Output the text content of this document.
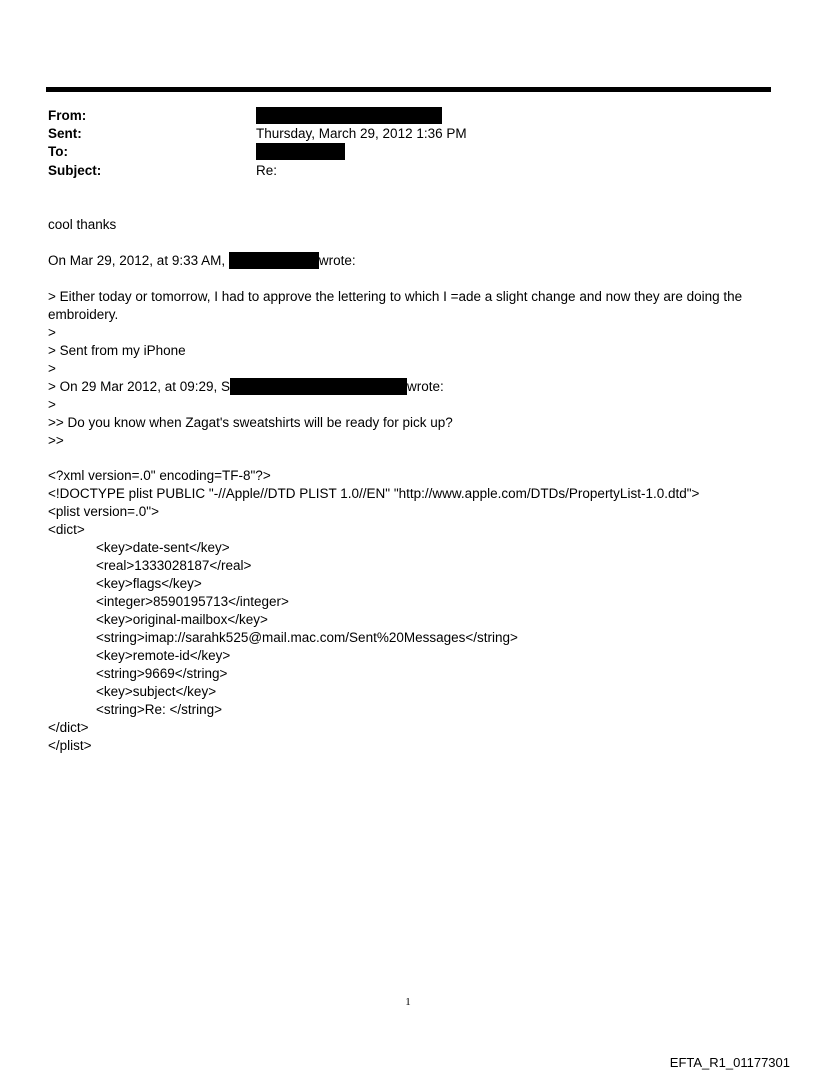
From:
Sent:	Thursday, March 29, 2012 1:36 PM
To:
Subject:	Re:
cool thanks
On Mar 29, 2012, at 9:33 AM,	wrote:
> Either today or tomorrow, I had to approve the lettering to which I =ade a slight change and now they are doing the
embroidery.
>
> Sent from my iPhone
>
> On 29 Mar 2012, at 09:29, S	wrote:
>
>> Do you know when Zagat's sweatshirts will be ready for pick up?
>>
<?xml version=.0" encoding=TF-8"?>
<!DOCTYPE plist PUBLIC "-//Apple//DTD PLIST 1.0//EN" "http://www.apple.com/DTDs/PropertyList-1.0.dtd">
<plist version=.0">
<dict>
<key>date-sent</key>
<real>1333028187</real>
<key>flags</key>
<integer>8590195713</integer>
<key>original-mailbox</key>
<string>imap://sarahk525@mail.mac.com/Sent%20Messages</string>
<key>remote-id</key>
<string>9669</string>
<key>subject</key>
<string>Re: </string>
</dict>
</plist>
1
EFTA_R1_01177301
